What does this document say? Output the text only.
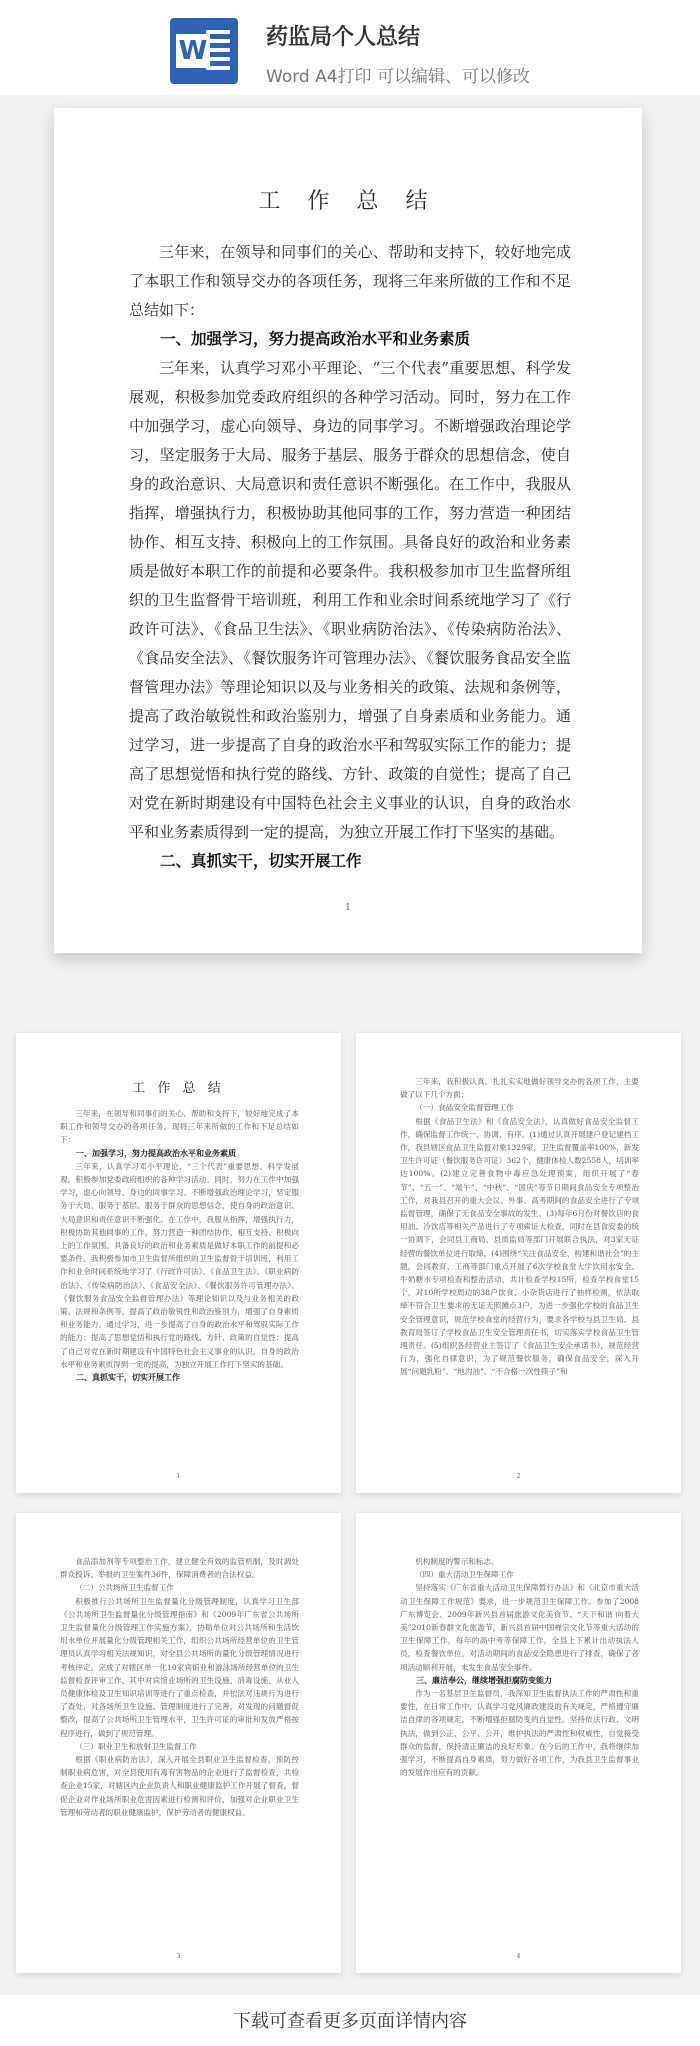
W	药监局个人总结
Word A4打印 可以编辑、可以修改
工 作 总 结

三年来，在领导和同事们的关心、帮助和支持下，较好地完成了本职工作和领导交办的各项任务，现将三年来所做的工作和不足总结如下：

一、加强学习，努力提高政治水平和业务素质

三年来，认真学习邓小平理论、“三个代表”重要思想、科学发展观，积极参加党委政府组织的各种学习活动。同时，努力在工作中加强学习，虚心向领导、身边的同事学习。不断增强政治理论学习，坚定服务于大局、服务于基层、服务于群众的思想信念，使自身的政治意识、大局意识和责任意识不断强化。在工作中，我服从指挥，增强执行力，积极协助其他同事的工作，努力营造一种团结协作、相互支持、积极向上的工作氛围。具备良好的政治和业务素质是做好本职工作的前提和必要条件。我积极参加市卫生监督所组织的卫生监督骨干培训班，利用工作和业余时间系统地学习了《行政许可法》、《食品卫生法》、《职业病防治法》、《传染病防治法》、《食品安全法》、《餐饮服务许可管理办法》、《餐饮服务食品安全监督管理办法》等理论知识以及与业务相关的政策、法规和条例等，提高了政治敏锐性和政治鉴别力，增强了自身素质和业务能力。通过学习，进一步提高了自身的政治水平和驾驭实际工作的能力；提高了思想觉悟和执行党的路线、方针、政策的自觉性；提高了自己对党在新时期建设有中国特色社会主义事业的认识，自身的政治水平和业务素质得到一定的提高，为独立开展工作打下坚实的基础。

二、真抓实干，切实开展工作
1
工 作 总 结

三年来，在领导和同事们的关心、帮助和支持下，较好地完成了本职工作和领导交办的各项任务，现将三年来所做的工作和不足总结如下：

一、加强学习，努力提高政治水平和业务素质

三年来，认真学习邓小平理论、“三个代表”重要思想、科学发展观，积极参加党委政府组织的各种学习活动。同时，努力在工作中加强学习，虚心向领导、身边的同事学习。不断增强政治理论学习，坚定服务于大局、服务于基层、服务于群众的思想信念，使自身的政治意识、大局意识和责任意识不断强化。在工作中，我服从指挥，增强执行力，积极协助其他同事的工作，努力营造一种团结协作、相互支持、积极向上的工作氛围。具备良好的政治和业务素质是做好本职工作的前提和必要条件。我积极参加市卫生监督所组织的卫生监督骨干培训班，利用工作和业余时间系统地学习了《行政许可法》、《食品卫生法》、《职业病防治法》、《传染病防治法》、《食品安全法》、《餐饮服务许可管理办法》、《餐饮服务食品安全监督管理办法》等理论知识以及与业务相关的政策、法规和条例等，提高了政治敏锐性和政治鉴别力，增强了自身素质和业务能力。通过学习，进一步提高了自身的政治水平和驾驭实际工作的能力；提高了思想觉悟和执行党的路线、方针、政策的自觉性；提高了自己对党在新时期建设有中国特色社会主义事业的认识，自身的政治水平和业务素质得到一定的提高，为独立开展工作打下坚实的基础。

二、真抓实干，切实开展工作
1

三年来，我积极认真、扎扎实实地做好领导交办的各项工作，主要做了以下几个方面：

（一）食品安全监督管理工作

根据《食品卫生法》和《食品安全法》，认真做好食品安全监督工作，确保监督工作统一、协调、有序。(1)通过认真开展建户登记建档工作，我县辖区食品卫生监督对象1329家，卫生监督覆盖率100%，新发卫生许可证（餐饮服务许可证）362个，健康体检人数2558人，培训率达100%。(2)建立完善食物中毒应急处理预案，组织开展了“春节”、“五一”、“端午”、“中秋”、“国庆”等节日期间食品安全专项整治工作，对我县召开的重大会议、外事、高考期间的食品安全进行了专项监督管理，确保了无食品安全事故的发生。(3)每年6月份对餐饮店的食用油、冷饮店等相关产品进行了专项索证大检查，同时在县食安委的统一协调下，会同县工商局、县质监局等部门开展联合执法，对3家无证经营的餐饮单位进行取缔，(4)围绕“关注食品安全、构建和谐社会”的主题，会同教育、工商等部门重点开展了6次学校食堂大学饮用水安全、牛奶糖水专项检查和整治活动，共计检查学校15所，检查学校食堂15个，对10所学校周边的38户饮食、小杂货店进行了抽样检测，依法取缔不符合卫生要求的无证无照摊点3户，为进一步强化学校的食品卫生安全管理意识，规范学校食堂的经营行为，要求各学校与县卫生局、县教育局签订了学校食品卫生安全管理责任书，切实落实学校食品卫生管理责任。(5)组织各经营业主签订了《食品卫生安全承诺书》，规范经营行为，强化自律意识，为了规范餐饮服务，确保食品安全，深入开展“问题乳粉”、“地沟油”、“不合格一次性筷子”和

2

食品添加剂等专项整治工作，建立健全有效的监管机制，及时调处群众投诉、举报的卫生案件36件，保障消费者的合法权益。

（二）公共场所卫生监督工作

积极推行公共场所卫生监督量化分级管理制度，认真学习卫生部《公共场所卫生监督量化分级管理指南》和《2009年广东省公共场所卫生监督量化分级管理工作实施方案》，协助单位对公共场所和生活饮用水单位开展量化分级管理相关工作，组织公共场所经营单位的卫生管理员认真学习相关法规知识，对全县公共场所的量化分级管理情况进行考核评定。完成了对辖区单一化10家宾馆业和游泳场所经营单位的卫生监督检查评审工作，其中对宾馆业场所的卫生设施、消毒设施、从业人员健康体检及卫生知识培训等进行了重点检查，并依法对违规行为进行了查处，对各场所卫生设施、管理制度进行了完善，对发现的问题督促整改，提高了公共场所卫生管理水平，卫生许可证的审批和发放严格按程序进行，做到了规范管理。

（三）职业卫生和放射卫生监督工作

根据《职业病防治法》，深入开展全县职业卫生监督检查，预防控制职业病危害，对全县使用有毒有害物品的企业进行了监督检查，共检查企业15家，对辖区内企业负责人和职业健康监护工作开展了督查，督促企业对作业场所职业危害因素进行检测和评价，加强对企业职业卫生管理和劳动者的职业健康监护，保护劳动者的健康权益。

3

机构制度的警示和标志。

（四）重大活动卫生保障工作

坚持落实《广东省重大活动卫生保障暂行办法》和《北京市重大活动卫生保障工作规范》要求，进一步规范卫生保障工作。参加了2008广东博览会、2009年新兴县首届旅游文化美食节、“天下和谐 向着大美”2010新春群文化旅游节，新兴县首届中国禅宗文化节等重大活动的卫生保障工作，每年的高中考等保障工作，全县上下累计出动执法人员，检查餐饮单位，对活动期间的食品安全隐患进行了排查，确保了各项活动顺利开展，未发生食品安全事件。

三、廉洁奉公，继续增强拒腐防变能力

作为一名基层卫生监督员，我深知卫生监督执法工作的严肃性和重要性，在日常工作中，认真学习党风廉政建设的有关规定，严格遵守廉洁自律的各项规定，不断增强拒腐防变的自觉性。坚持依法行政、文明执法，做到公正、公平、公开，维护执法的严肃性和权威性，自觉接受群众的监督，保持清正廉洁的良好形象。在今后的工作中，我将继续加强学习，不断提高自身素质，努力做好各项工作，为我县卫生监督事业的发展作出应有的贡献。

4
下载可查看更多页面详情内容
